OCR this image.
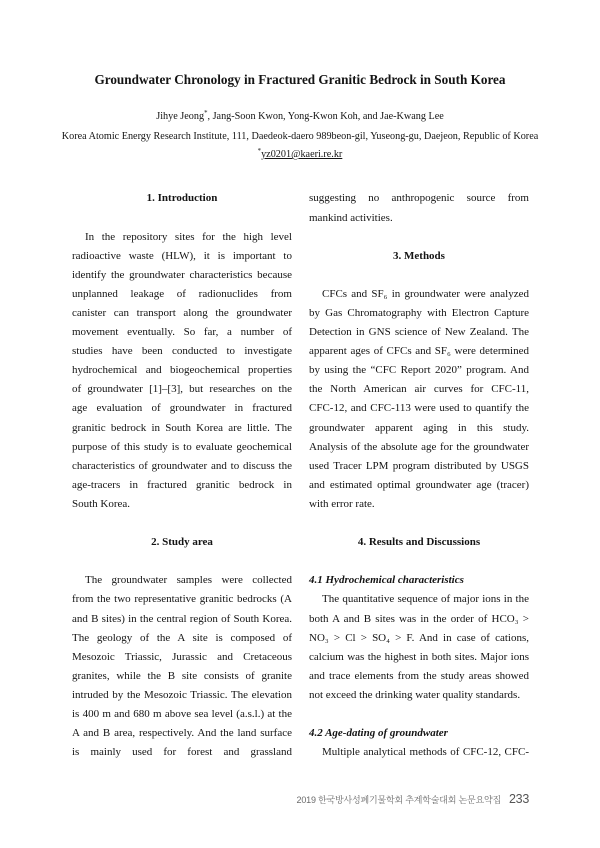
Groundwater Chronology in Fractured Granitic Bedrock in South Korea
Jihye Jeong*, Jang-Soon Kwon, Yong-Kwon Koh, and Jae-Kwang Lee
Korea Atomic Energy Research Institute, 111, Daedeok-daero 989beon-gil, Yuseong-gu, Daejeon, Republic of Korea
*yz0201@kaeri.re.kr
1. Introduction
In the repository sites for the high level
radioactive waste (HLW), it is important to
identify the groundwater characteristics because
unplanned leakage of radionuclides from
canister can transport along the groundwater
movement eventually. So far, a number of
studies have been conducted to investigate
hydrochemical and biogeochemical properties
of groundwater [1]–[3], but researches on the
age evaluation of groundwater in fractured
granitic bedrock in South Korea are little. The
purpose of this study is to evaluate geochemical
characteristics of groundwater and to discuss the
age-tracers in fractured granitic bedrock in
South Korea.
2. Study area
The groundwater samples were collected
from the two representative granitic bedrocks (A
and B sites) in the central region of South Korea.
The geology of the A site is composed of
Mesozoic Triassic, Jurassic and Cretaceous
granites, while the B site consists of granite
intruded by the Mesozoic Triassic. The elevation
is 400 m and 680 m above sea level (a.s.l.) at the
A and B area, respectively. And the land surface
is mainly used for forest and grassland
suggesting no anthropogenic source from
mankind activities.
3. Methods
CFCs and SF₆ in groundwater were analyzed
by Gas Chromatography with Electron Capture
Detection in GNS science of New Zealand. The
apparent ages of CFCs and SF₆ were determined
by using the “CFC Report 2020” program. And
the North American air curves for CFC-11,
CFC-12, and CFC-113 were used to quantify the
groundwater apparent aging in this study.
Analysis of the absolute age for the groundwater
used Tracer LPM program distributed by USGS
and estimated optimal groundwater age (tracer)
with error rate.
4. Results and Discussions
4.1 Hydrochemical characteristics
The quantitative sequence of major ions in the
both A and B sites was in the order of HCO₃ >
NO₃ > Cl > SO₄ > F. And in case of cations,
calcium was the highest in both sites. Major ions
and trace elements from the study areas showed
not exceed the drinking water quality standards.
4.2 Age-dating of groundwater
Multiple analytical methods of CFC-12, CFC-
2019 한국방사성폐기물학회 추계학술대회 논문요약집 233
